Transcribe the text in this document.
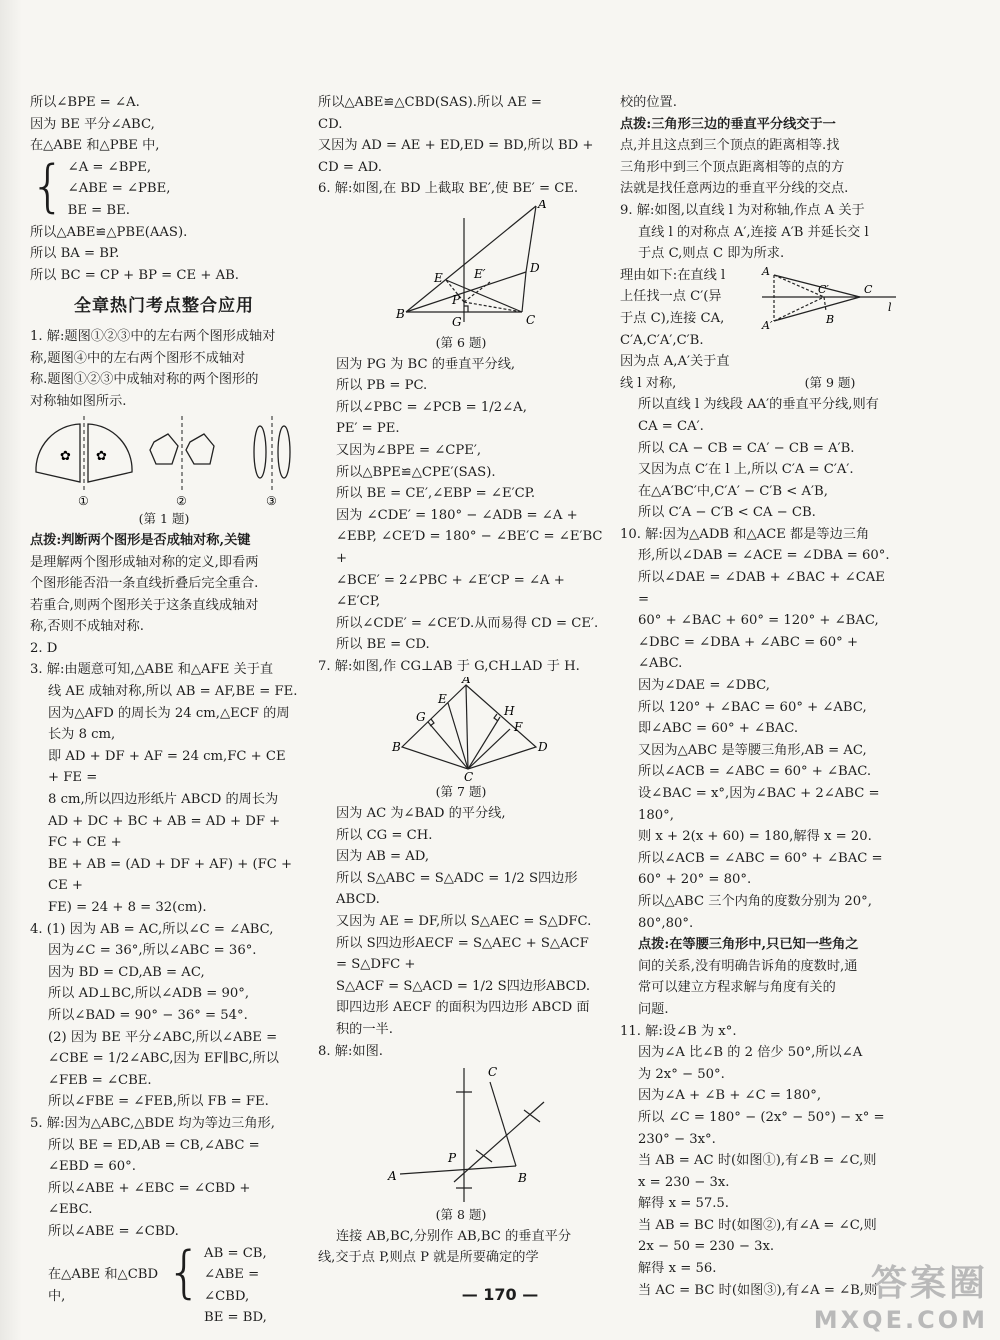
所以∠BPE = ∠A.
因为 BE 平分∠ABC,
在△ABE 和△PBE 中,
{ ∠A = ∠BPE,
∠ABE = ∠PBE,
BE = BE.
所以△ABE≌△PBE(AAS).
所以 BA = BP.
所以 BC = CP + BP = CE + AB.
全章热门考点整合应用
1. 解:题图①②③中的左右两个图形成轴对
称,题图④中的左右两个图形不成轴对
称.题图①②③中成轴对称的两个图形的
对称轴如图所示.
✿ ✿
①	②	③
(第 1 题)
点拨:判断两个图形是否成轴对称,关键
是理解两个图形成轴对称的定义,即看两
个图形能否沿一条直线折叠后完全重合.
若重合,则两个图形关于这条直线成轴对
称,否则不成轴对称.
2. D
3. 解:由题意可知,△ABE 和△AFE 关于直
线 AE 成轴对称,所以 AB = AF,BE = FE.
因为△AFD 的周长为 24 cm,△ECF 的周
长为 8 cm,
即 AD + DF + AF = 24 cm,FC + CE + FE =
8 cm,所以四边形纸片 ABCD 的周长为
AD + DC + BC + AB = AD + DF + FC + CE +
BE + AB = (AD + DF + AF) + (FC + CE +
FE) = 24 + 8 = 32(cm).
4. (1) 因为 AB = AC,所以∠C = ∠ABC,
因为∠C = 36°,所以∠ABC = 36°.
因为 BD = CD,AB = AC,
所以 AD⊥BC,所以∠ADB = 90°,
所以∠BAD = 90° − 36° = 54°.
(2) 因为 BE 平分∠ABC,所以∠ABE =
∠CBE = 1/2∠ABC,因为 EF∥BC,所以
∠FEB = ∠CBE.
所以∠FBE = ∠FEB,所以 FB = FE.
5. 解:因为△ABC,△BDE 均为等边三角形,
所以 BE = ED,AB = CB,∠ABC =
∠EBD = 60°.
所以∠ABE + ∠EBC = ∠CBD + ∠EBC.
所以∠ABE = ∠CBD.
在△ABE 和△CBD 中,	{ AB = CB,
∠ABE = ∠CBD,
BE = BD,
所以△ABE≌△CBD(SAS).所以 AE =
CD.
又因为 AD = AE + ED,ED = BD,所以 BD +
CD = AD.
6. 解:如图,在 BD 上截取 BE′,使 BE′ = CE.
A
B	C
D
E	E′
P
G
(第 6 题)
因为 PG 为 BC 的垂直平分线,
所以 PB = PC.
所以∠PBC = ∠PCB = 1/2∠A,
PE′ = PE.
又因为∠BPE = ∠CPE′,
所以△BPE≌△CPE′(SAS).
所以 BE = CE′,∠EBP = ∠E′CP.
因为 ∠CDE′ = 180° − ∠ADB = ∠A +
∠EBP, ∠CE′D = 180° − ∠BE′C = ∠E′BC +
∠BCE′ = 2∠PBC + ∠E′CP = ∠A + ∠E′CP,
所以∠CDE′ = ∠CE′D.从而易得 CD = CE′.
所以 BE = CD.
7. 解:如图,作 CG⊥AB 于 G,CH⊥AD 于 H.
A
B
C
D
E
F
G	H
(第 7 题)
因为 AC 为∠BAD 的平分线,
所以 CG = CH.
因为 AB = AD,
所以 S△ABC = S△ADC = 1/2 S四边形ABCD.
又因为 AE = DF,所以 S△AEC = S△DFC.
所以 S四边形AECF = S△AEC + S△ACF = S△DFC +
S△ACF = S△ACD = 1/2 S四边形ABCD.
即四边形 AECF 的面积为四边形 ABCD 面
积的一半.
8. 解:如图.
A	B
C
P
(第 8 题)
连接 AB,BC,分别作 AB,BC 的垂直平分
线,交于点 P,则点 P 就是所要确定的学
校的位置.
点拨:三角形三边的垂直平分线交于一
点,并且这点到三个顶点的距离相等.找
三角形中到三个顶点距离相等的点的方
法就是找任意两边的垂直平分线的交点.
9. 解:如图,以直线 l 为对称轴,作点 A 关于
直线 l 的对称点 A′,连接 A′B 并延长交 l
于点 C,则点 C 即为所求.
理由如下:在直线 l
上任找一点 C′(异
于点 C),连接 CA,
C′A,C′A′,C′B.
因为点 A,A′关于直
线 l 对称,
A
A′	B
C
C′
l
(第 9 题)
所以直线 l 为线段 AA′的垂直平分线,则有
CA = CA′.
所以 CA − CB = CA′ − CB = A′B.
又因为点 C′在 l 上,所以 C′A = C′A′.
在△A′BC′中,C′A′ − C′B < A′B,
所以 C′A − C′B < CA − CB.
10. 解:因为△ADB 和△ACE 都是等边三角
形,所以∠DAB = ∠ACE = ∠DBA = 60°.
所以∠DAE = ∠DAB + ∠BAC + ∠CAE =
60° + ∠BAC + 60° = 120° + ∠BAC,
∠DBC = ∠DBA + ∠ABC = 60° + ∠ABC.
因为∠DAE = ∠DBC,
所以 120° + ∠BAC = 60° + ∠ABC,
即∠ABC = 60° + ∠BAC.
又因为△ABC 是等腰三角形,AB = AC,
所以∠ACB = ∠ABC = 60° + ∠BAC.
设∠BAC = x°,因为∠BAC + 2∠ABC =
180°,
则 x + 2(x + 60) = 180,解得 x = 20.
所以∠ACB = ∠ABC = 60° + ∠BAC =
60° + 20° = 80°.
所以△ABC 三个内角的度数分别为 20°,
80°,80°.
点拨:在等腰三角形中,只已知一些角之
间的关系,没有明确告诉角的度数时,通
常可以建立方程求解与角度有关的
问题.
11. 解:设∠B 为 x°.
因为∠A 比∠B 的 2 倍少 50°,所以∠A
为 2x° − 50°.
因为∠A + ∠B + ∠C = 180°,
所以 ∠C = 180° − (2x° − 50°) − x° =
230° − 3x°.
当 AB = AC 时(如图①),有∠B = ∠C,则
x = 230 − 3x.
解得 x = 57.5.
当 AB = BC 时(如图②),有∠A = ∠C,则
2x − 50 = 230 − 3x.
解得 x = 56.
当 AC = BC 时(如图③),有∠A = ∠B,则
— 170 —	答案圈
MXQE.COM
